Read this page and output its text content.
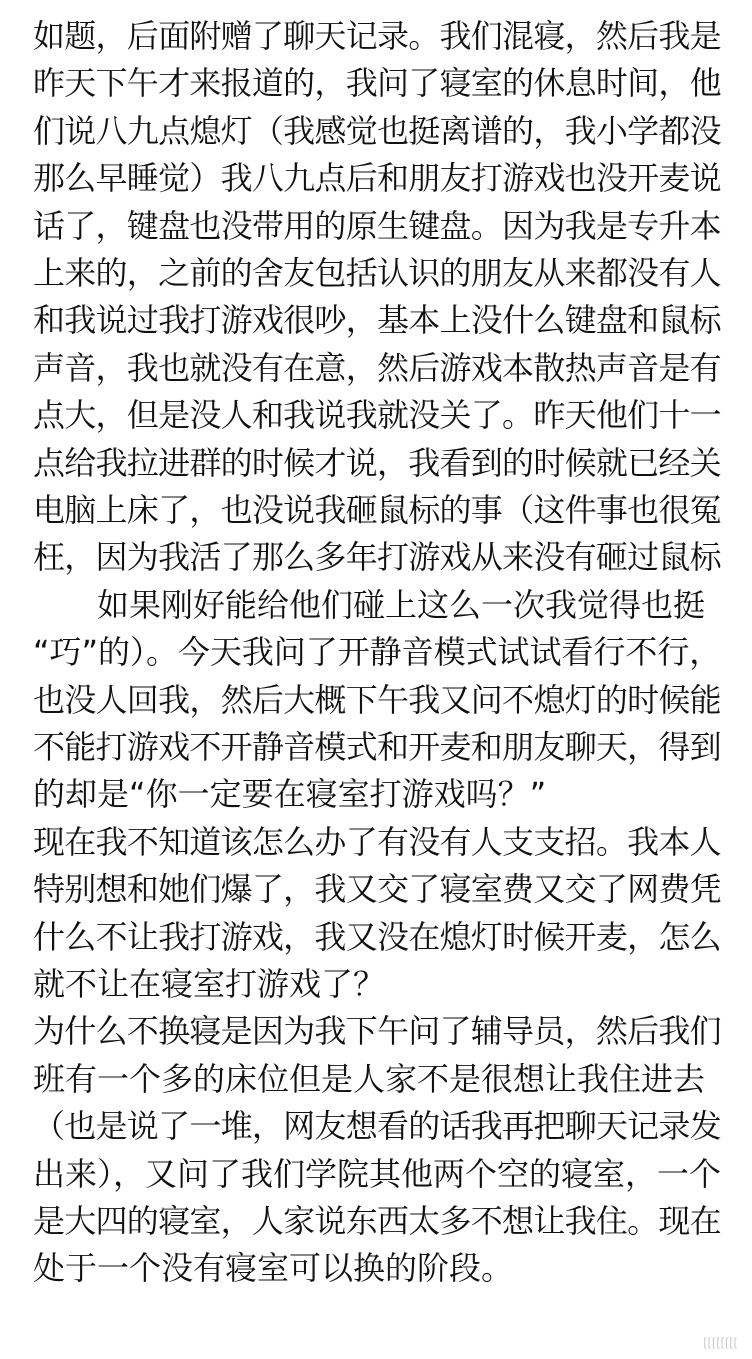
如题，后面附赠了聊天记录。我们混寝，然后我是
昨天下午才来报道的，我问了寝室的休息时间，他
们说八九点熄灯（我感觉也挺离谱的，我小学都没
那么早睡觉）我八九点后和朋友打游戏也没开麦说
话了，键盘也没带用的原生键盘。因为我是专升本
上来的，之前的舍友包括认识的朋友从来都没有人
和我说过我打游戏很吵，基本上没什么键盘和鼠标
声音，我也就没有在意，然后游戏本散热声音是有
点大，但是没人和我说我就没关了。昨天他们十一
点给我拉进群的时候才说，我看到的时候就已经关
电脑上床了，也没说我砸鼠标的事（这件事也很冤
枉，因为我活了那么多年打游戏从来没有砸过鼠标
　　如果刚好能给他们碰上这么一次我觉得也挺
“巧”的）。今天我问了开静音模式试试看行不行，
也没人回我，然后大概下午我又问不熄灯的时候能
不能打游戏不开静音模式和开麦和朋友聊天，得到
的却是“你一定要在寝室打游戏吗？”
现在我不知道该怎么办了有没有人支支招。我本人
特别想和她们爆了，我又交了寝室费又交了网费凭
什么不让我打游戏，我又没在熄灯时候开麦，怎么
就不让在寝室打游戏了？
为什么不换寝是因为我下午问了辅导员，然后我们
班有一个多的床位但是人家不是很想让我住进去
（也是说了一堆，网友想看的话我再把聊天记录发
出来），又问了我们学院其他两个空的寝室，一个
是大四的寝室，人家说东西太多不想让我住。现在
处于一个没有寝室可以换的阶段。
[[[[[[[[
